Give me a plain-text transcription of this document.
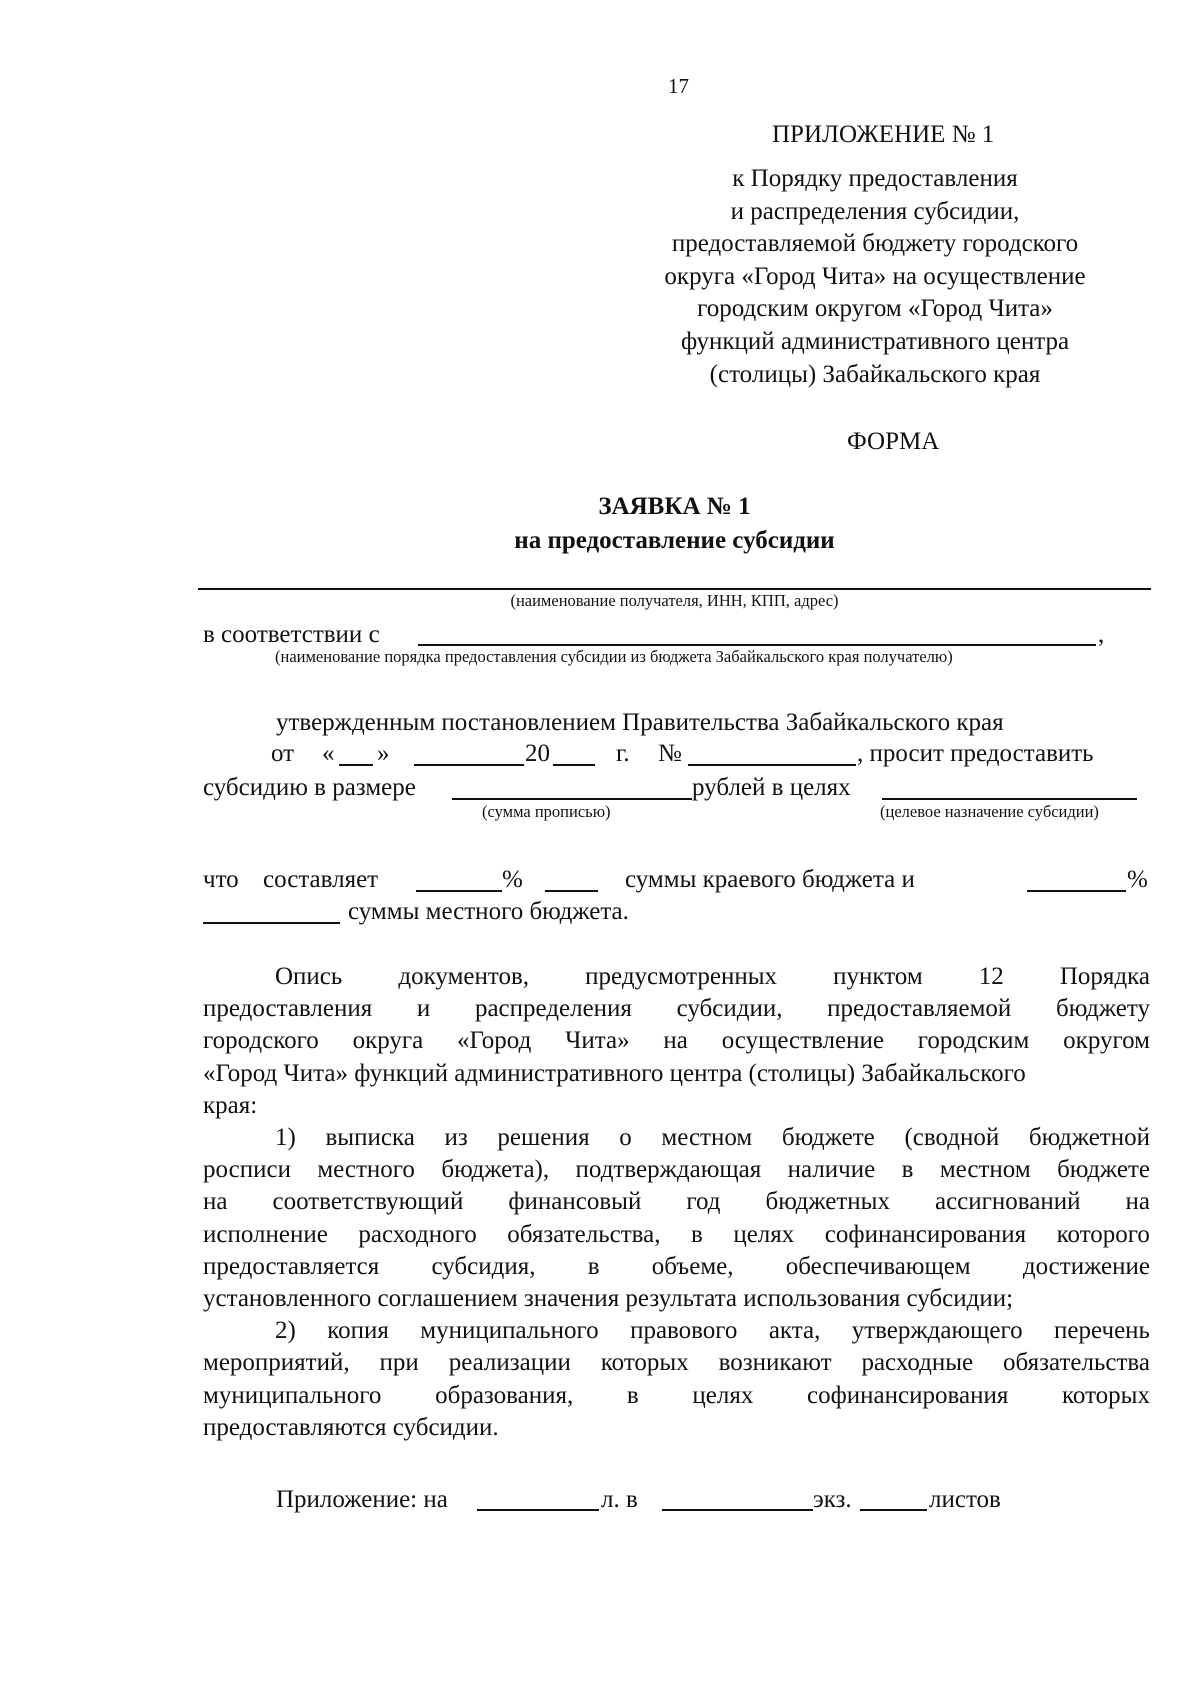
17
ПРИЛОЖЕНИЕ № 1
к Порядку предоставления
и распределения субсидии,
предоставляемой бюджету городского
округа «Город Чита» на осуществление
городским округом «Город Чита»
функций административного центра
(столицы) Забайкальского края
ФОРМА
ЗАЯВКА № 1
на предоставление субсидии
(наименование получателя, ИНН, КПП, адрес)
в соответствии с	,
(наименование порядка предоставления субсидии из бюджета Забайкальского края получателю)
утвержденным постановлением Правительства Забайкальского края
от « »	20	г. №	, просит предоставить
субсидию в размере	рублей в целях
(сумма прописью)	(целевое назначение субсидии)
что составляет	%	суммы краевого бюджета и	%
суммы местного бюджета.
Опись документов, предусмотренных пунктом 12 Порядка
предоставления и распределения субсидии, предоставляемой бюджету
городского округа «Город Чита» на осуществление городским округом
«Город Чита» функций административного центра (столицы) Забайкальского
края:
1) выписка из решения о местном бюджете (сводной бюджетной
росписи местного бюджета), подтверждающая наличие в местном бюджете
на соответствующий финансовый год бюджетных ассигнований на
исполнение расходного обязательства, в целях софинансирования которого
предоставляется субсидия, в объеме, обеспечивающем достижение
установленного соглашением значения результата использования субсидии;
2) копия муниципального правового акта, утверждающего перечень
мероприятий, при реализации которых возникают расходные обязательства
муниципального образования, в целях софинансирования которых
предоставляются субсидии.
Приложение: на	л. в	экз.	листов
